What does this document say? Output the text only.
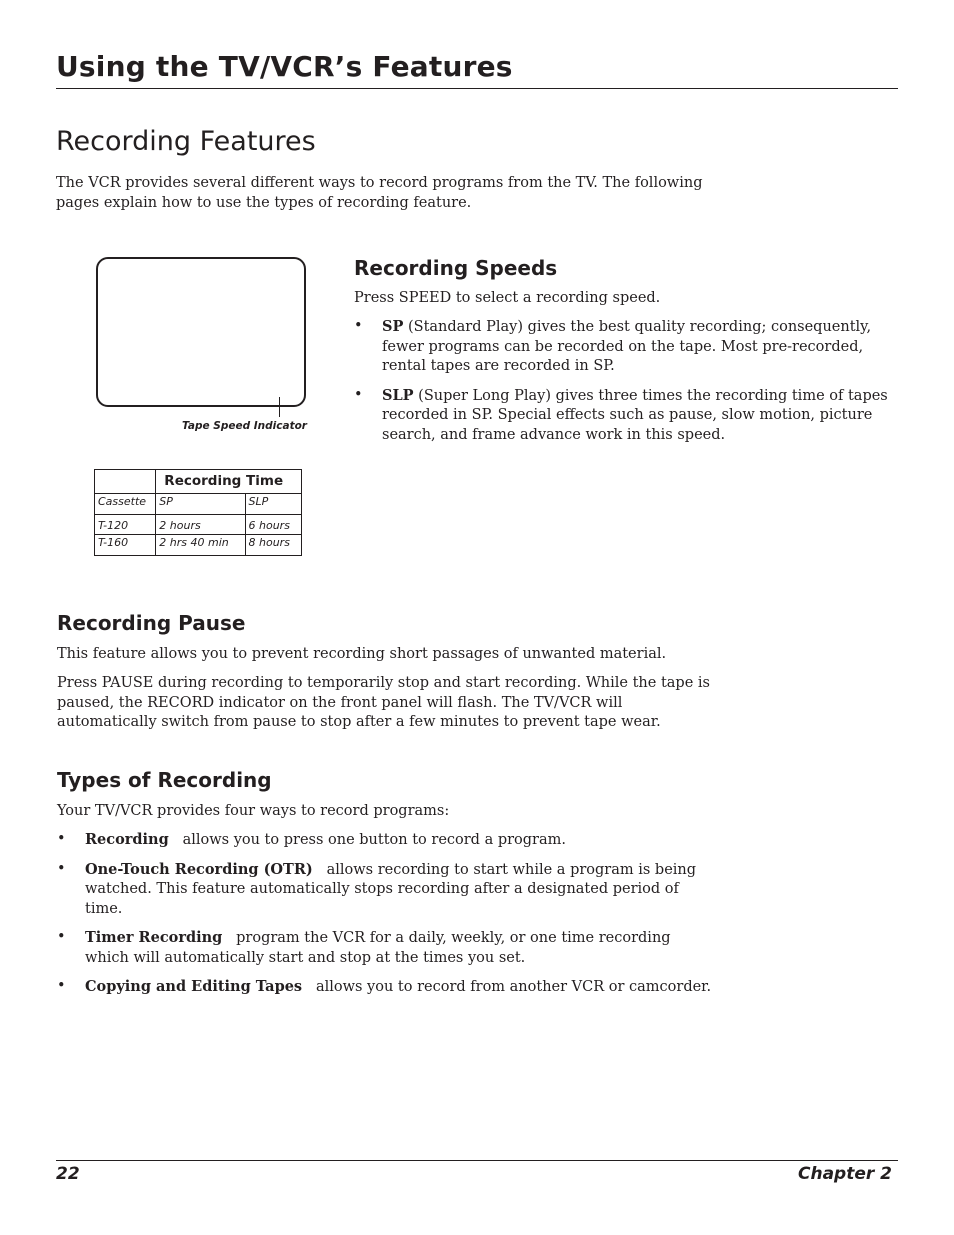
Using the TV/VCR’s Features
Recording Features
The VCR provides several different ways to record programs from the TV. The following pages explain how to use the types of recording feature.
Tape Speed Indicator
	Recording Time	
Cassette	SP	SLP
T-120	2 hours	6 hours
T-160	2 hrs 40 min	8 hours
Recording Speeds
Press SPEED to select a recording speed.
• SP (Standard Play) gives the best quality recording; consequently, fewer programs can be recorded on the tape. Most pre-recorded, rental tapes are recorded in SP.
• SLP (Super Long Play) gives three times the recording time of tapes recorded in SP. Special effects such as pause, slow motion, picture search, and frame advance work in this speed.
Recording Pause
This feature allows you to prevent recording short passages of unwanted material.
Press PAUSE during recording to temporarily stop and start recording. While the tape is paused, the RECORD indicator on the front panel will flash. The TV/VCR will automatically switch from pause to stop after a few minutes to prevent tape wear.
Types of Recording
Your TV/VCR provides four ways to record programs:
• Recording allows you to press one button to record a program.
• One-Touch Recording (OTR) allows recording to start while a program is being watched. This feature automatically stops recording after a designated period of time.
• Timer Recording program the VCR for a daily, weekly, or one time recording which will automatically start and stop at the times you set.
• Copying and Editing Tapes allows you to record from another VCR or camcorder.
22	Chapter 2
